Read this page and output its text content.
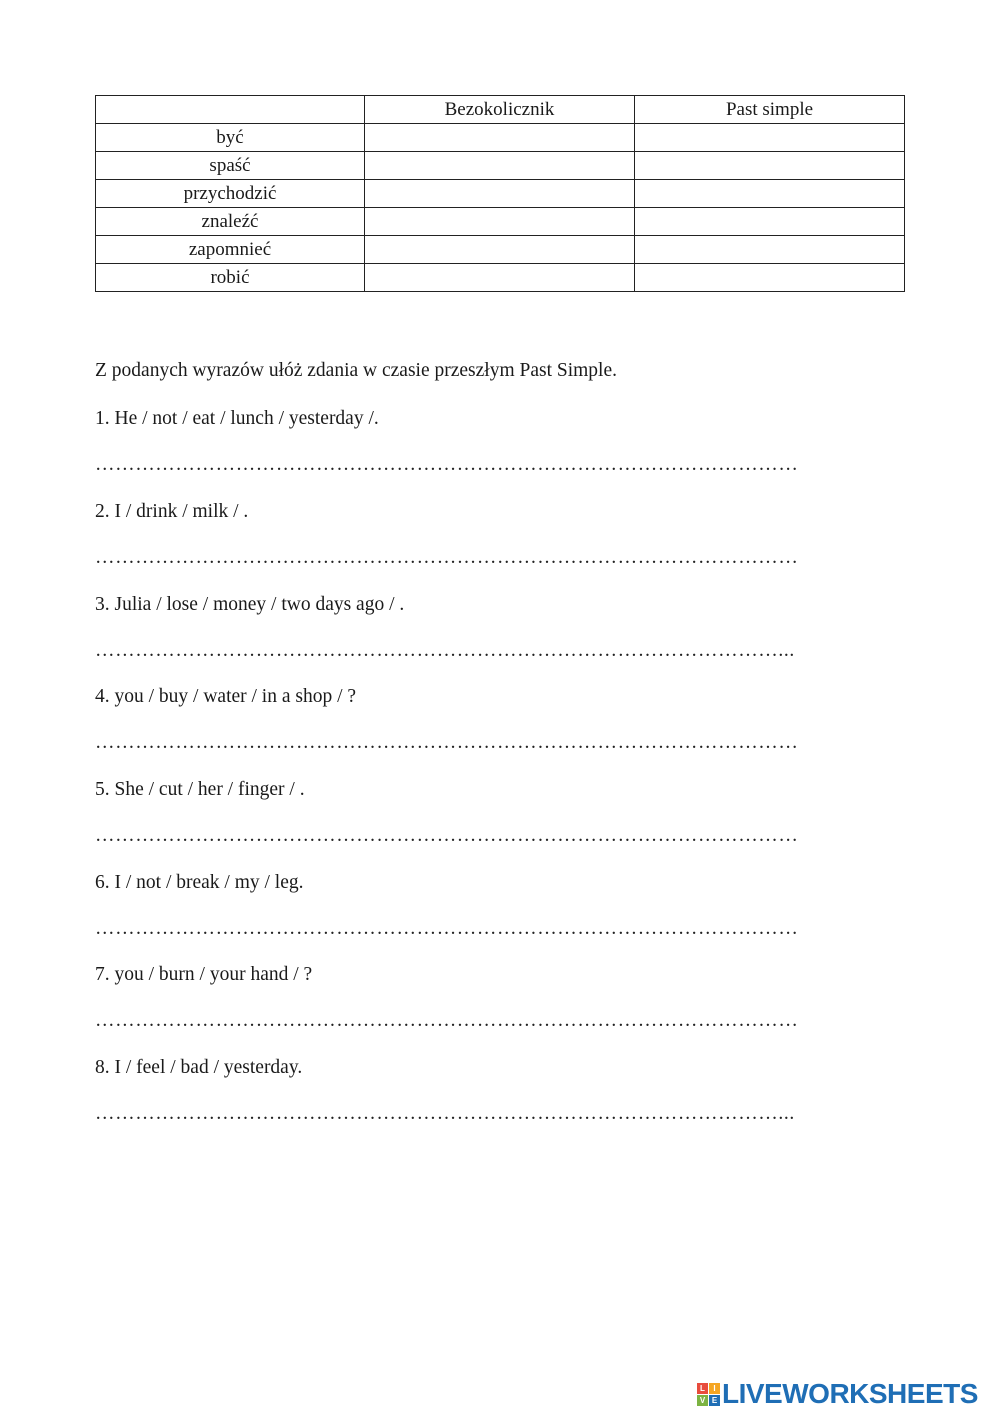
	Bezokolicznik	Past simple
być		
spaść		
przychodzić		
znaleźć		
zapomnieć		
robić		
Z podanych wyrazów ułóż zdania w czasie przeszłym Past Simple.
1. He / not / eat / lunch / yesterday /.
……………………………………………………………………………………………
2. I / drink / milk / .
……………………………………………………………………………………………
3. Julia / lose / money / two days ago / .
…………………………………………………………………………………………...
4. you / buy / water / in a shop / ?
……………………………………………………………………………………………
5. She / cut / her / finger / .
……………………………………………………………………………………………
6. I / not / break / my / leg.
……………………………………………………………………………………………
7. you / burn / your hand / ?
……………………………………………………………………………………………
8. I / feel / bad / yesterday.
…………………………………………………………………………………………...
L	I
V E LIVEWORKSHEETS
